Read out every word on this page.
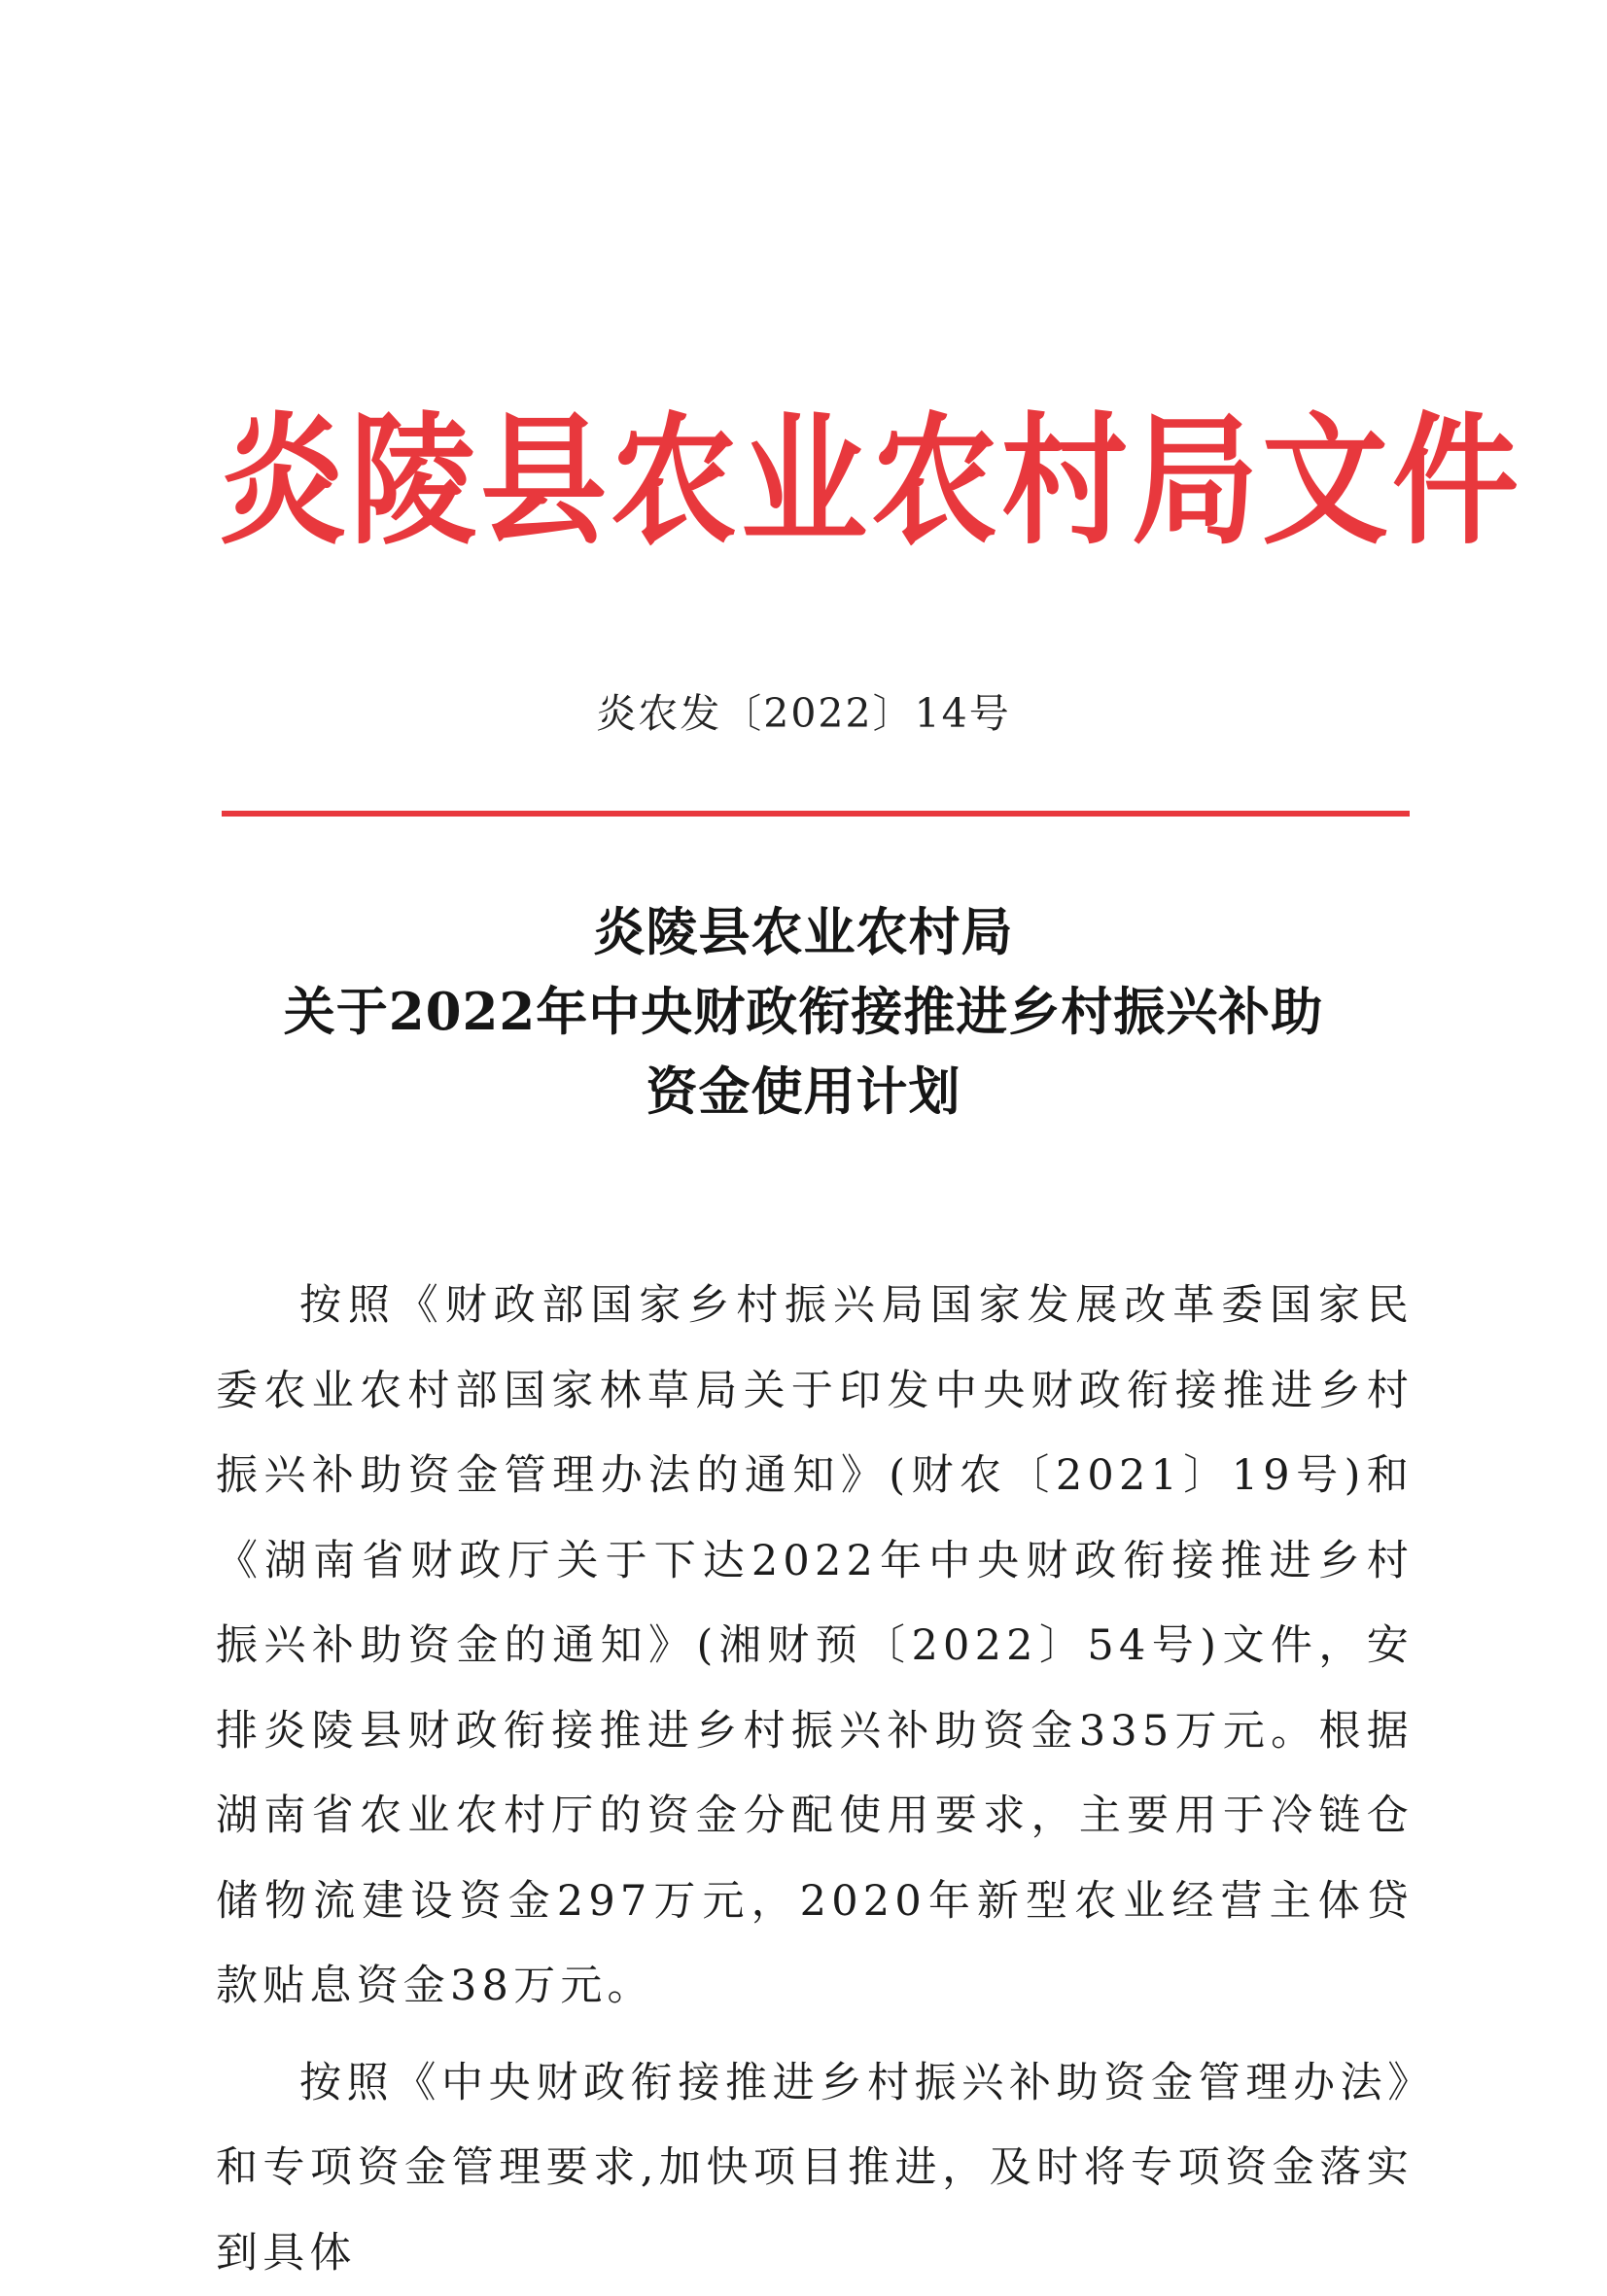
炎陵县农业农村局文件
炎农发〔2022〕14号
炎陵县农业农村局
关于2022年中央财政衔接推进乡村振兴补助
资金使用计划

按照《财政部国家乡村振兴局国家发展改革委国家民委农业农村部国家林草局关于印发中央财政衔接推进乡村振兴补助资金管理办法的通知》(财农〔2021〕19号)和《湖南省财政厅关于下达2022年中央财政衔接推进乡村振兴补助资金的通知》(湘财预〔2022〕54号)文件，安排炎陵县财政衔接推进乡村振兴补助资金335万元。根据湖南省农业农村厅的资金分配使用要求，主要用于冷链仓储物流建设资金297万元，2020年新型农业经营主体贷款贴息资金38万元。

按照《中央财政衔接推进乡村振兴补助资金管理办法》和专项资金管理要求,加快项目推进，及时将专项资金落实到具体
